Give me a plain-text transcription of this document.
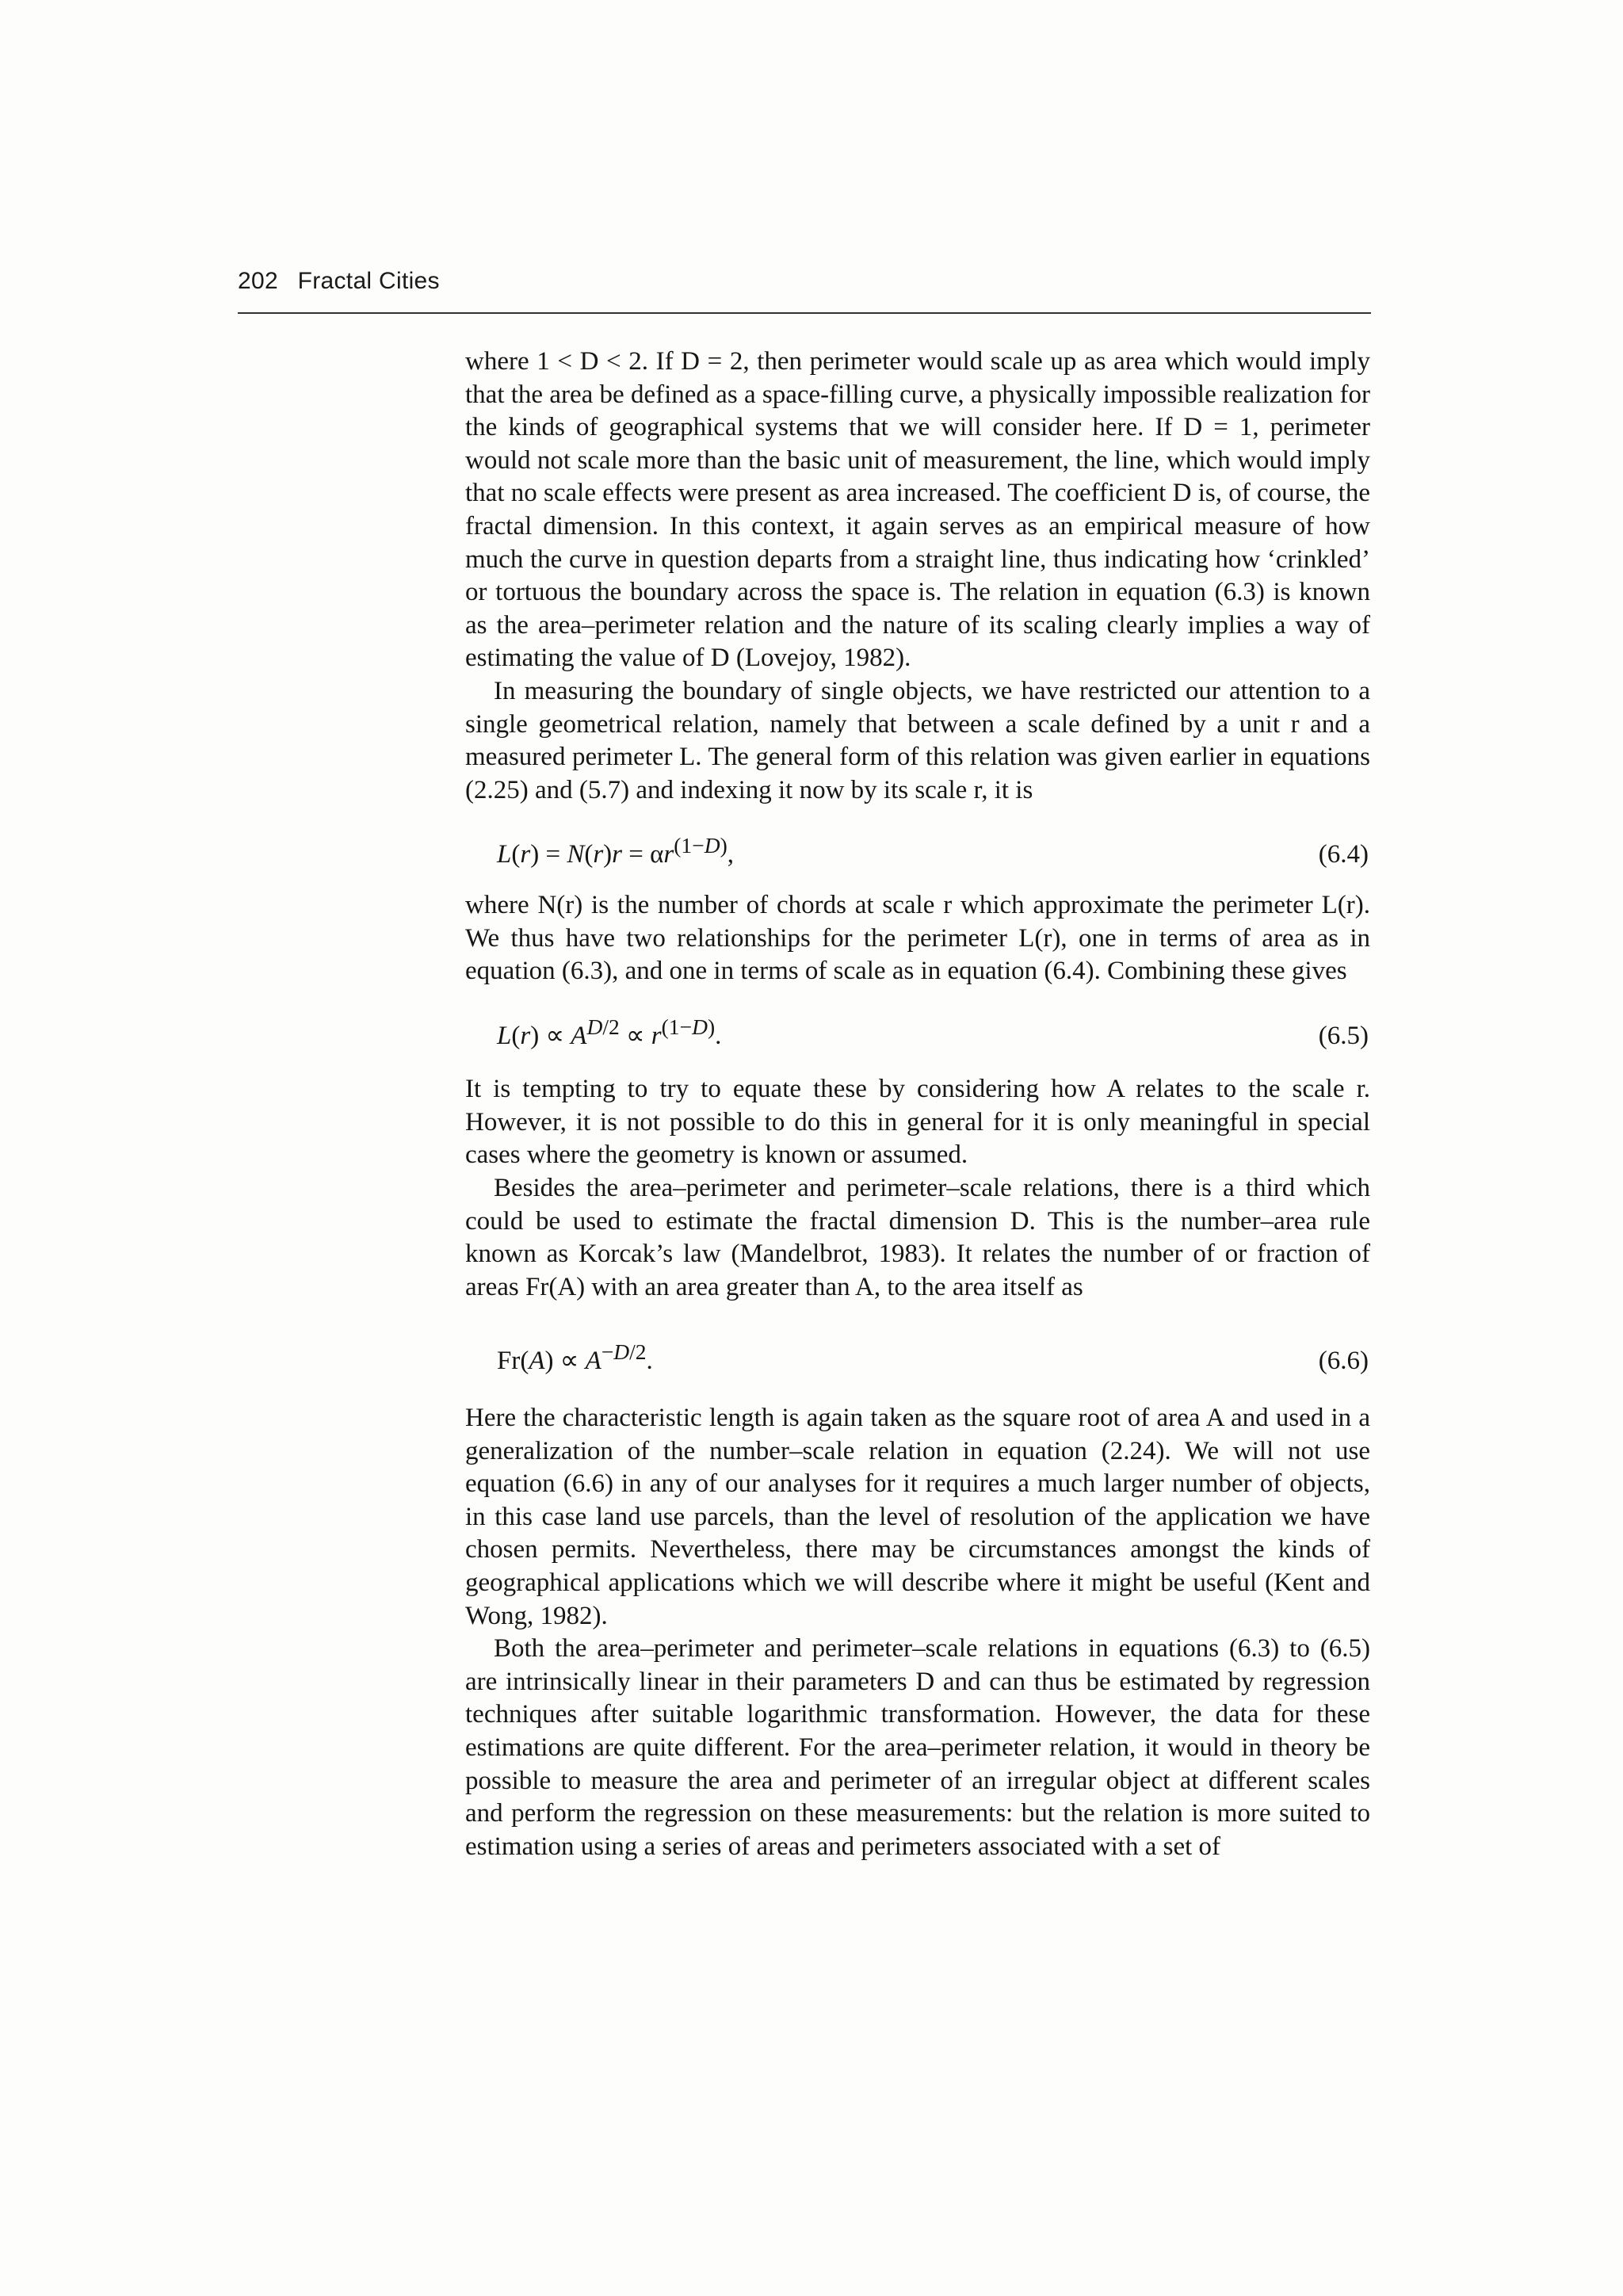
202 Fractal Cities

where 1 < D < 2. If D = 2, then perimeter would scale up as area which would imply that the area be defined as a space-filling curve, a physically impossible realization for the kinds of geographical systems that we will consider here. If D = 1, perimeter would not scale more than the basic unit of measurement, the line, which would imply that no scale effects were present as area increased. The coefficient D is, of course, the fractal dimension. In this context, it again serves as an empirical measure of how much the curve in question departs from a straight line, thus indicating how ‘crinkled’ or tortuous the boundary across the space is. The relation in equation (6.3) is known as the area–perimeter relation and the nature of its scaling clearly implies a way of estimating the value of D (Lovejoy, 1982).

In measuring the boundary of single objects, we have restricted our attention to a single geometrical relation, namely that between a scale defined by a unit r and a measured perimeter L. The general form of this relation was given earlier in equations (2.25) and (5.7) and indexing it now by its scale r, it is

$L(r) = N(r)r = \alpha r^{(1-D)}$,	(6.4)

where N(r) is the number of chords at scale r which approximate the perimeter L(r). We thus have two relationships for the perimeter L(r), one in terms of area as in equation (6.3), and one in terms of scale as in equation (6.4). Combining these gives

$L(r) \propto A^{D/2} \propto r^{(1-D)}$.	(6.5)

It is tempting to try to equate these by considering how A relates to the scale r. However, it is not possible to do this in general for it is only meaningful in special cases where the geometry is known or assumed.

Besides the area–perimeter and perimeter–scale relations, there is a third which could be used to estimate the fractal dimension D. This is the number–area rule known as Korcak’s law (Mandelbrot, 1983). It relates the number of or fraction of areas Fr(A) with an area greater than A, to the area itself as

$Fr(A) \propto A^{-D/2}$.	(6.6)

Here the characteristic length is again taken as the square root of area A and used in a generalization of the number–scale relation in equation (2.24). We will not use equation (6.6) in any of our analyses for it requires a much larger number of objects, in this case land use parcels, than the level of resolution of the application we have chosen permits. Nevertheless, there may be circumstances amongst the kinds of geographical applications which we will describe where it might be useful (Kent and Wong, 1982).

Both the area–perimeter and perimeter–scale relations in equations (6.3) to (6.5) are intrinsically linear in their parameters D and can thus be estimated by regression techniques after suitable logarithmic transformation. However, the data for these estimations are quite different. For the area–perimeter relation, it would in theory be possible to measure the area and perimeter of an irregular object at different scales and perform the regression on these measurements: but the relation is more suited to estimation using a series of areas and perimeters associated with a set of
